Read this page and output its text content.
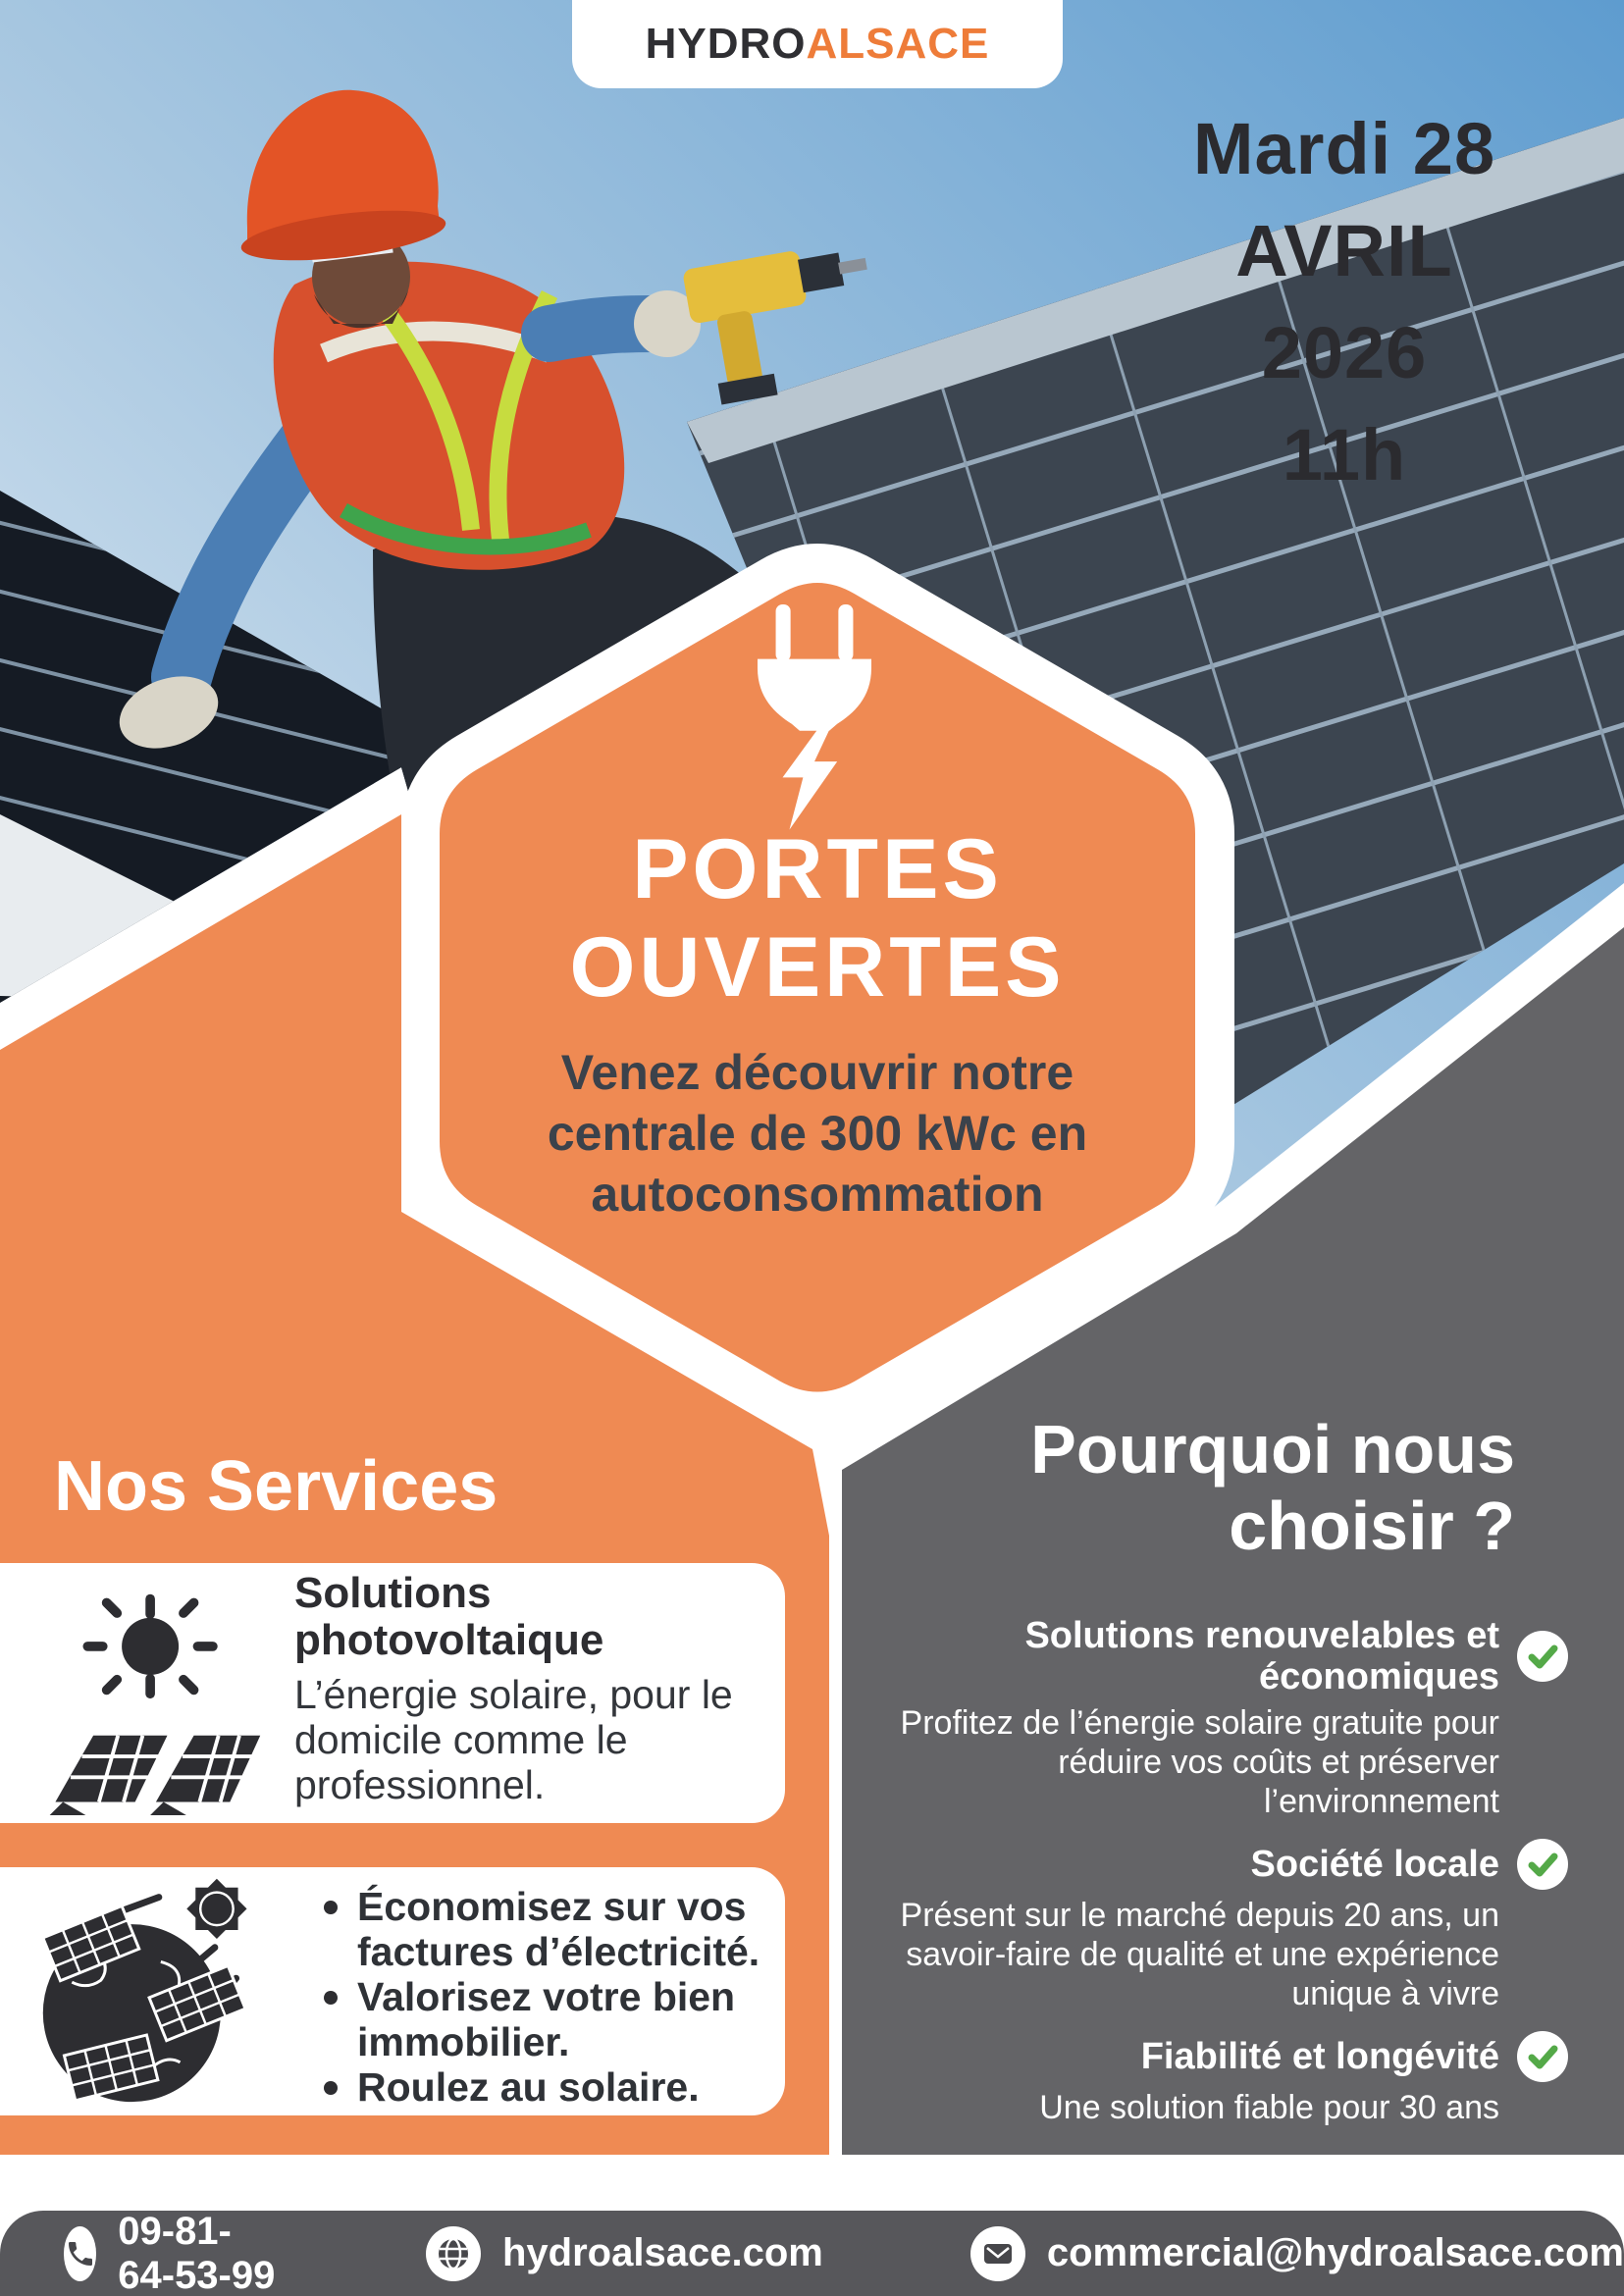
HYDRO ALSACE
Mardi 28
AVRIL
2026
11h
PORTES
OUVERTES
Venez découvrir notre centrale de 300 kWc en autoconsommation
Nos Services
Solutions photovoltaique
L’énergie solaire, pour le domicile comme le professionnel.
Économisez sur vos factures d’électricité.
Valorisez votre bien immobilier.
Roulez au solaire.
Pourquoi nous
choisir ?
Solutions renouvelables et économiques
Profitez de l’énergie solaire gratuite pour réduire vos coûts et préserver l’environnement
Société locale
Présent sur le marché depuis 20 ans, un savoir-faire de qualité et une expérience unique à vivre
Fiabilité et longévité
Une solution fiable pour 30 ans
09-81-64-53-99
hydroalsace.com	commercial@hydroalsace.com
